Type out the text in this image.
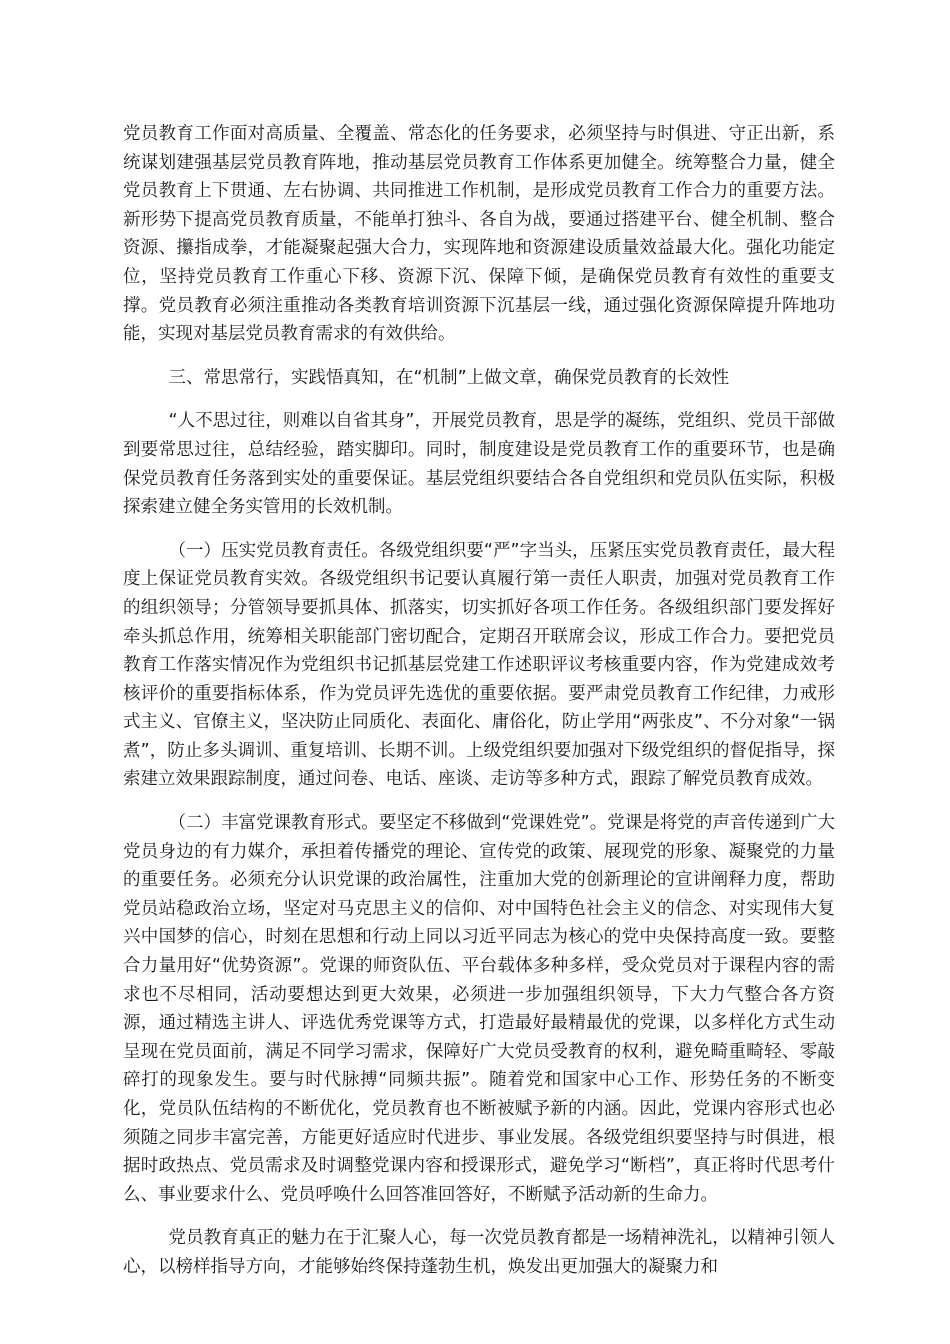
党员教育工作面对高质量、全覆盖、常态化的任务要求，必须坚持与时俱进、守正出新，系统谋划建强基层党员教育阵地，推动基层党员教育工作体系更加健全。统筹整合力量，健全党员教育上下贯通、左右协调、共同推进工作机制，是形成党员教育工作合力的重要方法。新形势下提高党员教育质量，不能单打独斗、各自为战，要通过搭建平台、健全机制、整合资源、攥指成拳，才能凝聚起强大合力，实现阵地和资源建设质量效益最大化。强化功能定位，坚持党员教育工作重心下移、资源下沉、保障下倾，是确保党员教育有效性的重要支撑。党员教育必须注重推动各类教育培训资源下沉基层一线，通过强化资源保障提升阵地功能，实现对基层党员教育需求的有效供给。

三、常思常行，实践悟真知，在“机制”上做文章，确保党员教育的长效性

“人不思过往，则难以自省其身”，开展党员教育，思是学的凝练，党组织、党员干部做到要常思过往，总结经验，踏实脚印。同时，制度建设是党员教育工作的重要环节，也是确保党员教育任务落到实处的重要保证。基层党组织要结合各自党组织和党员队伍实际，积极探索建立健全务实管用的长效机制。

（一）压实党员教育责任。各级党组织要“严”字当头，压紧压实党员教育责任，最大程度上保证党员教育实效。各级党组织书记要认真履行第一责任人职责，加强对党员教育工作的组织领导；分管领导要抓具体、抓落实，切实抓好各项工作任务。各级组织部门要发挥好牵头抓总作用，统筹相关职能部门密切配合，定期召开联席会议，形成工作合力。要把党员教育工作落实情况作为党组织书记抓基层党建工作述职评议考核重要内容，作为党建成效考核评价的重要指标体系，作为党员评先选优的重要依据。要严肃党员教育工作纪律，力戒形式主义、官僚主义，坚决防止同质化、表面化、庸俗化，防止学用“两张皮”、不分对象“一锅煮”，防止多头调训、重复培训、长期不训。上级党组织要加强对下级党组织的督促指导，探索建立效果跟踪制度，通过问卷、电话、座谈、走访等多种方式，跟踪了解党员教育成效。

（二）丰富党课教育形式。要坚定不移做到“党课姓党”。党课是将党的声音传递到广大党员身边的有力媒介，承担着传播党的理论、宣传党的政策、展现党的形象、凝聚党的力量的重要任务。必须充分认识党课的政治属性，注重加大党的创新理论的宣讲阐释力度，帮助党员站稳政治立场，坚定对马克思主义的信仰、对中国特色社会主义的信念、对实现伟大复兴中国梦的信心，时刻在思想和行动上同以习近平同志为核心的党中央保持高度一致。要整合力量用好“优势资源”。党课的师资队伍、平台载体多种多样，受众党员对于课程内容的需求也不尽相同，活动要想达到更大效果，必须进一步加强组织领导，下大力气整合各方资源，通过精选主讲人、评选优秀党课等方式，打造最好最精最优的党课，以多样化方式生动呈现在党员面前，满足不同学习需求，保障好广大党员受教育的权利，避免畸重畸轻、零敲碎打的现象发生。要与时代脉搏“同频共振”。随着党和国家中心工作、形势任务的不断变化，党员队伍结构的不断优化，党员教育也不断被赋予新的内涵。因此，党课内容形式也必须随之同步丰富完善，方能更好适应时代进步、事业发展。各级党组织要坚持与时俱进，根据时政热点、党员需求及时调整党课内容和授课形式，避免学习“断档”，真正将时代思考什么、事业要求什么、党员呼唤什么回答准回答好，不断赋予活动新的生命力。

党员教育真正的魅力在于汇聚人心，每一次党员教育都是一场精神洗礼，以精神引领人心，以榜样指导方向，才能够始终保持蓬勃生机，焕发出更加强大的凝聚力和
